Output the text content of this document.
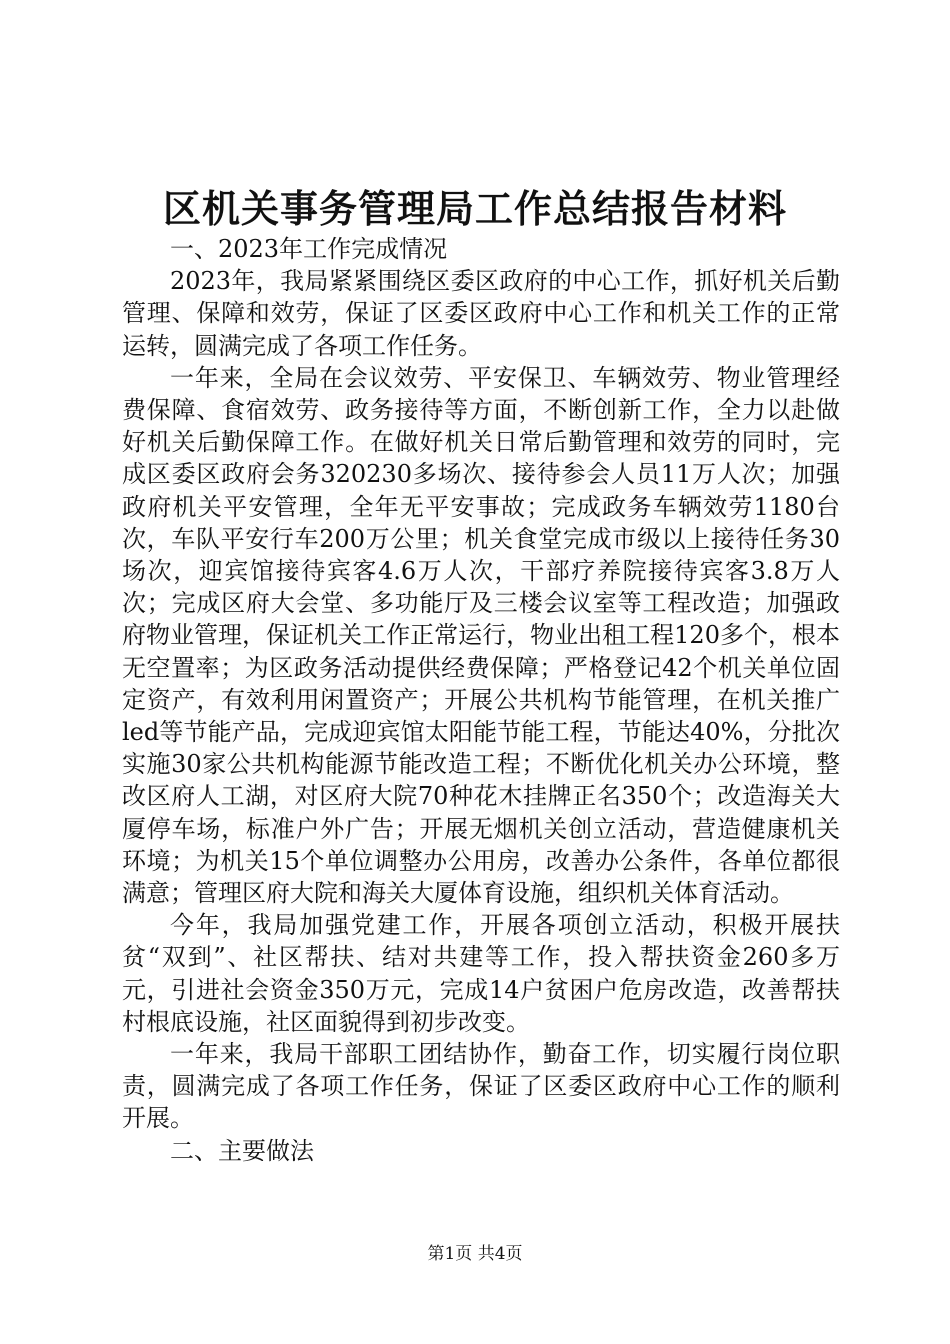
区机关事务管理局工作总结报告材料

一、2023年工作完成情况

2023年，我局紧紧围绕区委区政府的中心工作，抓好机关后勤管理、保障和效劳，保证了区委区政府中心工作和机关工作的正常运转，圆满完成了各项工作任务。

一年来，全局在会议效劳、平安保卫、车辆效劳、物业管理经费保障、食宿效劳、政务接待等方面，不断创新工作，全力以赴做好机关后勤保障工作。在做好机关日常后勤管理和效劳的同时，完成区委区政府会务320230多场次、接待参会人员11万人次；加强政府机关平安管理，全年无平安事故；完成政务车辆效劳1180台次，车队平安行车200万公里；机关食堂完成市级以上接待任务30场次，迎宾馆接待宾客4.6万人次，干部疗养院接待宾客3.8万人次；完成区府大会堂、多功能厅及三楼会议室等工程改造；加强政府物业管理，保证机关工作正常运行，物业出租工程120多个，根本无空置率；为区政务活动提供经费保障；严格登记42个机关单位固定资产，有效利用闲置资产；开展公共机构节能管理，在机关推广led等节能产品，完成迎宾馆太阳能节能工程，节能达40%，分批次实施30家公共机构能源节能改造工程；不断优化机关办公环境，整改区府人工湖，对区府大院70种花木挂牌正名350个；改造海关大厦停车场，标准户外广告；开展无烟机关创立活动，营造健康机关环境；为机关15个单位调整办公用房，改善办公条件，各单位都很满意；管理区府大院和海关大厦体育设施，组织机关体育活动。

今年，我局加强党建工作，开展各项创立活动，积极开展扶贫“双到”、社区帮扶、结对共建等工作，投入帮扶资金260多万元，引进社会资金350万元，完成14户贫困户危房改造，改善帮扶村根底设施，社区面貌得到初步改变。

一年来，我局干部职工团结协作，勤奋工作，切实履行岗位职责，圆满完成了各项工作任务，保证了区委区政府中心工作的顺利开展。

二、主要做法

第1页 共4页
